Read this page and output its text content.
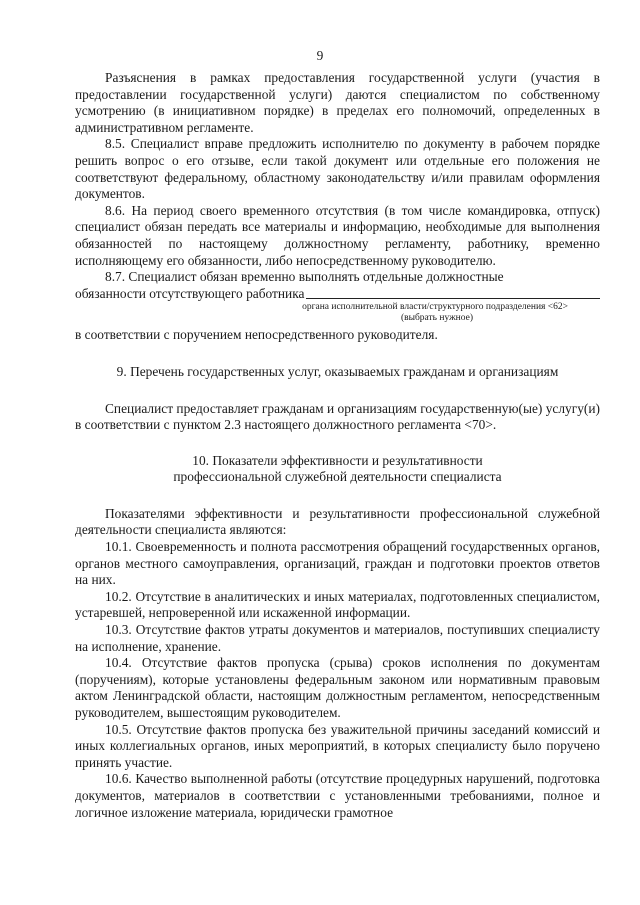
9

Разъяснения в рамках предоставления государственной услуги (участия в предоставлении государственной услуги) даются специалистом по собственному усмотрению (в инициативном порядке) в пределах его полномочий, определенных в административном регламенте.

8.5. Специалист вправе предложить исполнителю по документу в рабочем порядке решить вопрос о его отзыве, если такой документ или отдельные его положения не соответствуют федеральному, областному законодательству и/или правилам оформления документов.

8.6. На период своего временного отсутствия (в том числе командировка, отпуск) специалист обязан передать все материалы и информацию, необходимые для выполнения обязанностей по настоящему должностному регламенту, работнику, временно исполняющему его обязанности, либо непосредственному руководителю.

8.7. Специалист обязан временно выполнять отдельные должностные

обязанности отсутствующего работника
органа исполнительной власти/структурного подразделения <62>
(выбрать нужное)

в соответствии с поручением непосредственного руководителя.

9. Перечень государственных услуг, оказываемых гражданам и организациям

Специалист предоставляет гражданам и организациям государственную(ые) услугу(и) в соответствии с пунктом 2.3 настоящего должностного регламента <70>.

10. Показатели эффективности и результативности

профессиональной служебной деятельности специалиста

Показателями эффективности и результативности профессиональной служебной деятельности специалиста являются:

10.1. Своевременность и полнота рассмотрения обращений государственных органов, органов местного самоуправления, организаций, граждан и подготовки проектов ответов на них.

10.2. Отсутствие в аналитических и иных материалах, подготовленных специалистом, устаревшей, непроверенной или искаженной информации.

10.3. Отсутствие фактов утраты документов и материалов, поступивших специалисту на исполнение, хранение.

10.4. Отсутствие фактов пропуска (срыва) сроков исполнения по документам (поручениям), которые установлены федеральным законом или нормативным правовым актом Ленинградской области, настоящим должностным регламентом, непосредственным руководителем, вышестоящим руководителем.

10.5. Отсутствие фактов пропуска без уважительной причины заседаний комиссий и иных коллегиальных органов, иных мероприятий, в которых специалисту было поручено принять участие.

10.6. Качество выполненной работы (отсутствие процедурных нарушений, подготовка документов, материалов в соответствии с установленными требованиями, полное и логичное изложение материала, юридически грамотное
